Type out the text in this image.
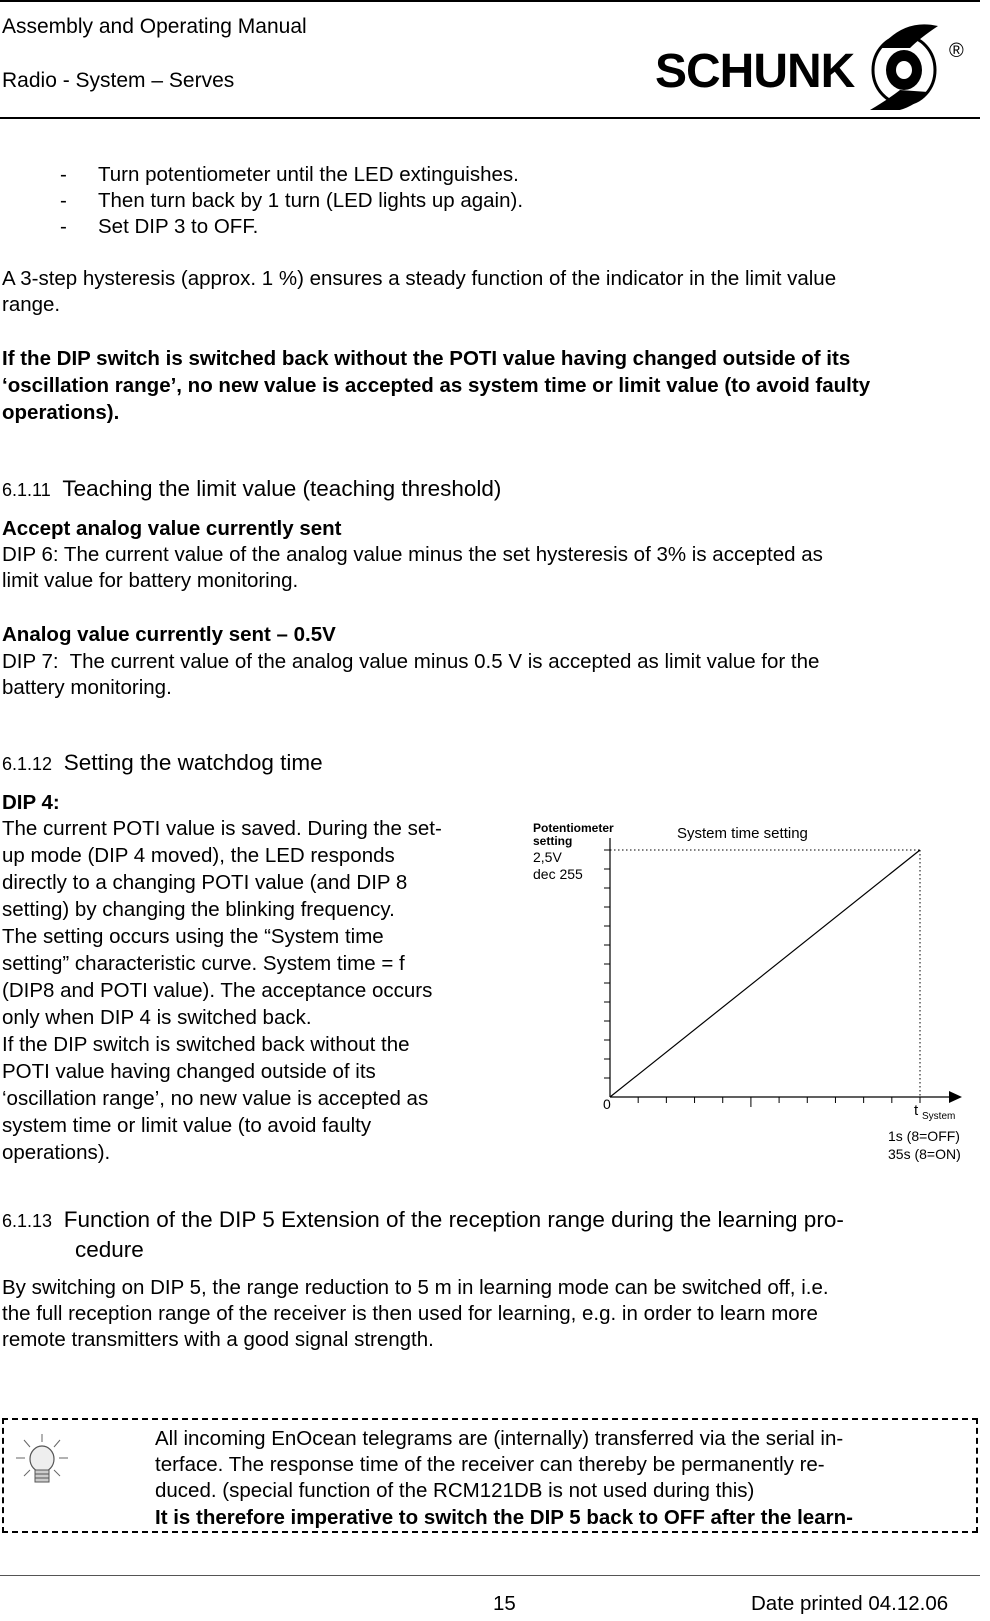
Assembly and Operating Manual
Radio - System – Serves	SCHUNK	®
- Turn potentiometer until the LED extinguishes.
- Then turn back by 1 turn (LED lights up again).
- Set DIP 3 to OFF.
A 3-step hysteresis (approx. 1 %) ensures a steady function of the indicator in the limit value
range.
If the DIP switch is switched back without the POTI value having changed outside of its
‘oscillation range’, no new value is accepted as system time or limit value (to avoid faulty
operations).
6.1.11 Teaching the limit value (teaching threshold)
Accept analog value currently sent
DIP 6: The current value of the analog value minus the set hysteresis of 3% is accepted as
limit value for battery monitoring.
Analog value currently sent – 0.5V
DIP 7:  The current value of the analog value minus 0.5 V is accepted as limit value for the
battery monitoring.
6.1.12 Setting the watchdog time
DIP 4:
The current POTI value is saved. During the set-
up mode (DIP 4 moved), the LED responds
directly to a changing POTI value (and DIP 8
setting) by changing the blinking frequency.
The setting occurs using the “System time
setting” characteristic curve. System time = f
(DIP8 and POTI value). The acceptance occurs
only when DIP 4 is switched back.
If the DIP switch is switched back without the
POTI value having changed outside of its
‘oscillation range’, no new value is accepted as
system time or limit value (to avoid faulty
operations).
Potentiometer
setting
2,5V
dec 255
System time setting
0	t System
1s (8=OFF)
35s (8=ON)
6.1.13 Function of the DIP 5 Extension of the reception range during the learning pro-
cedure
By switching on DIP 5, the range reduction to 5 m in learning mode can be switched off, i.e.
the full reception range of the receiver is then used for learning, e.g. in order to learn more
remote transmitters with a good signal strength.
All incoming EnOcean telegrams are (internally) transferred via the serial in-
terface. The response time of the receiver can thereby be permanently re-
duced. (special function of the RCM121DB is not used during this)
It is therefore imperative to switch the DIP 5 back to OFF after the learn-
15	Date printed 04.12.06
